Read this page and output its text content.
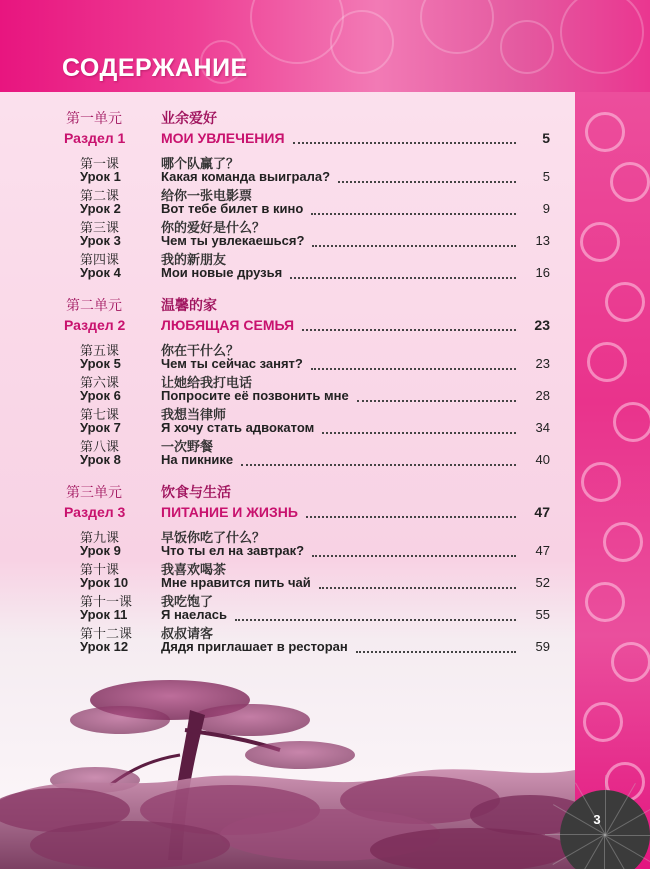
СОДЕРЖАНИЕ
第一单元	业余爱好
Раздел 1	МОИ УВЛЕЧЕНИЯ	5
第一课	哪个队赢了？
Урок 1	Какая команда выиграла?	5
第二课	给你一张电影票
Урок 2	Вот тебе билет в кино	9
第三课	你的爱好是什么？
Урок 3	Чем ты увлекаешься?	13
第四课	我的新朋友
Урок 4	Мои новые друзья	16
第二单元	温馨的家
Раздел 2	ЛЮБЯЩАЯ СЕМЬЯ	23
第五课	你在干什么？
Урок 5	Чем ты сейчас занят?	23
第六课	让她给我打电话
Урок 6	Попросите её позвонить мне	28
第七课	我想当律师
Урок 7	Я хочу стать адвокатом	34
第八课	一次野餐
Урок 8	На пикнике	40
第三单元	饮食与生活
Раздел 3	ПИТАНИЕ И ЖИЗНЬ	47
第九课	早饭你吃了什么？
Урок 9	Что ты ел на завтрак?	47
第十课	我喜欢喝茶
Урок 10	Мне нравится пить чай	52
第十一课 我吃饱了
Урок 11	Я наелась	55
第十二课 叔叔请客
Урок 12	Дядя приглашает в ресторан	59
3
